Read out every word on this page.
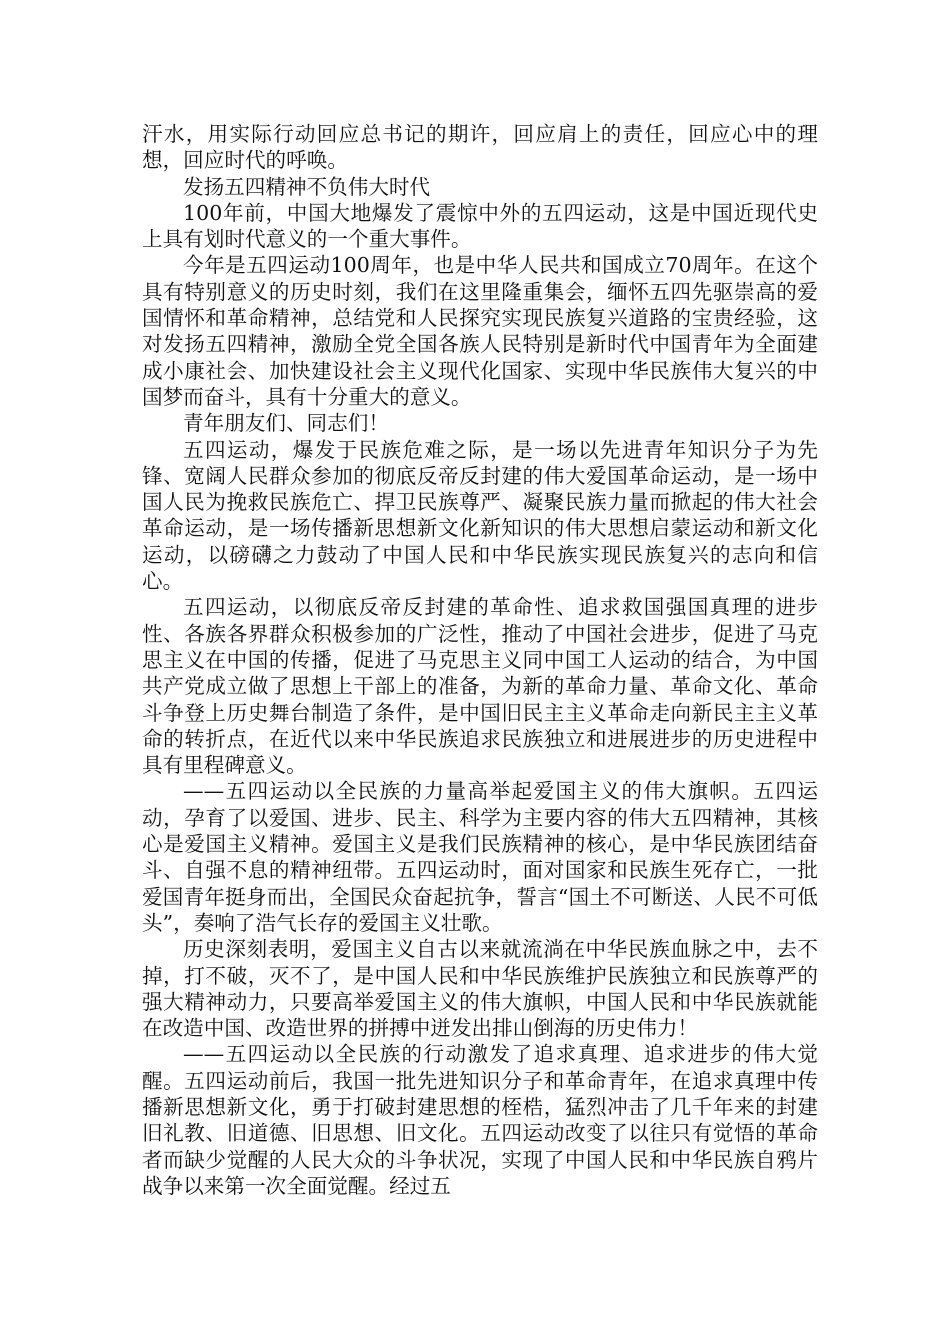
汗水，用实际行动回应总书记的期许，回应肩上的责任，回应心中的理想，回应时代的呼唤。

发扬五四精神不负伟大时代

100年前，中国大地爆发了震惊中外的五四运动，这是中国近现代史上具有划时代意义的一个重大事件。

今年是五四运动100周年，也是中华人民共和国成立70周年。在这个具有特别意义的历史时刻，我们在这里隆重集会，缅怀五四先驱崇高的爱国情怀和革命精神，总结党和人民探究实现民族复兴道路的宝贵经验，这对发扬五四精神，激励全党全国各族人民特别是新时代中国青年为全面建成小康社会、加快建设社会主义现代化国家、实现中华民族伟大复兴的中国梦而奋斗，具有十分重大的意义。

青年朋友们、同志们！

五四运动，爆发于民族危难之际，是一场以先进青年知识分子为先锋、宽阔人民群众参加的彻底反帝反封建的伟大爱国革命运动，是一场中国人民为挽救民族危亡、捍卫民族尊严、凝聚民族力量而掀起的伟大社会革命运动，是一场传播新思想新文化新知识的伟大思想启蒙运动和新文化运动，以磅礴之力鼓动了中国人民和中华民族实现民族复兴的志向和信心。

五四运动，以彻底反帝反封建的革命性、追求救国强国真理的进步性、各族各界群众积极参加的广泛性，推动了中国社会进步，促进了马克思主义在中国的传播，促进了马克思主义同中国工人运动的结合，为中国共产党成立做了思想上干部上的准备，为新的革命力量、革命文化、革命斗争登上历史舞台制造了条件，是中国旧民主主义革命走向新民主主义革命的转折点，在近代以来中华民族追求民族独立和进展进步的历史进程中具有里程碑意义。

——五四运动以全民族的力量高举起爱国主义的伟大旗帜。五四运动，孕育了以爱国、进步、民主、科学为主要内容的伟大五四精神，其核心是爱国主义精神。爱国主义是我们民族精神的核心，是中华民族团结奋斗、自强不息的精神纽带。五四运动时，面对国家和民族生死存亡，一批爱国青年挺身而出，全国民众奋起抗争，誓言“国土不可断送、人民不可低头”，奏响了浩气长存的爱国主义壮歌。

历史深刻表明，爱国主义自古以来就流淌在中华民族血脉之中，去不掉，打不破，灭不了，是中国人民和中华民族维护民族独立和民族尊严的强大精神动力，只要高举爱国主义的伟大旗帜，中国人民和中华民族就能在改造中国、改造世界的拼搏中迸发出排山倒海的历史伟力！

——五四运动以全民族的行动激发了追求真理、追求进步的伟大觉醒。五四运动前后，我国一批先进知识分子和革命青年，在追求真理中传播新思想新文化，勇于打破封建思想的桎梏，猛烈冲击了几千年来的封建旧礼教、旧道德、旧思想、旧文化。五四运动改变了以往只有觉悟的革命者而缺少觉醒的人民大众的斗争状况，实现了中国人民和中华民族自鸦片战争以来第一次全面觉醒。经过五
